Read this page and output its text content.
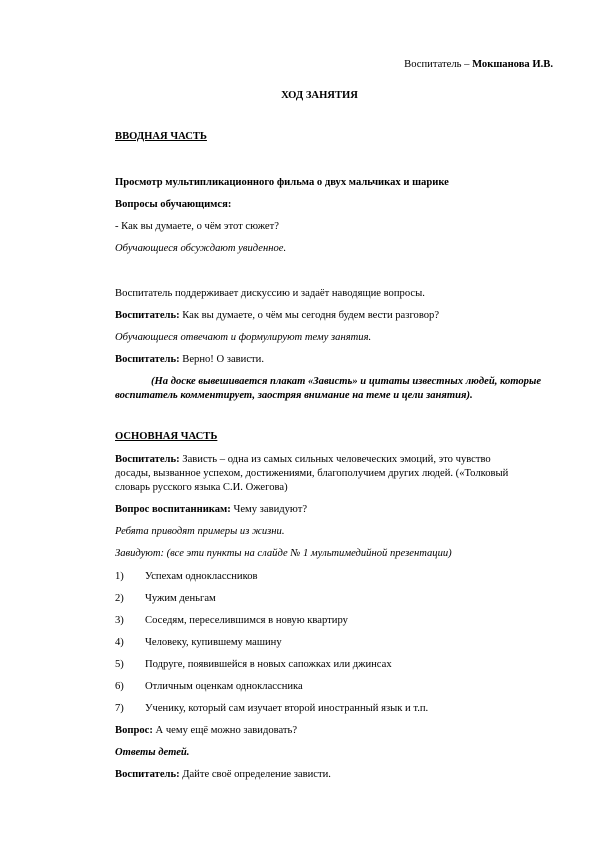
Воспитатель – Мокшанова И.В.

ХОД ЗАНЯТИЯ

ВВОДНАЯ ЧАСТЬ

Просмотр мультипликационного фильма о двух мальчиках и шарике

Вопросы обучающимся:

- Как вы думаете, о чём этот сюжет?

Обучающиеся обсуждают увиденное.

Воспитатель поддерживает дискуссию и задаёт наводящие вопросы.

Воспитатель: Как вы думаете, о чём мы сегодня будем вести разговор?

Обучающиеся отвечают и формулируют тему занятия.

Воспитатель: Верно! О зависти.

(На доске вывешивается плакат «Зависть» и цитаты известных людей, которые

воспитатель комментирует, заостряя внимание на теме и цели занятия).

ОСНОВНАЯ ЧАСТЬ

Воспитатель: Зависть – одна из самых сильных человеческих эмоций, это чувство

досады, вызванное успехом, достижениями, благополучием других людей. («Толковый

словарь русского языка С.И. Ожегова)

Вопрос воспитанникам: Чему завидуют?

Ребята приводят примеры из жизни.

Завидуют: (все эти пункты на слайде № 1 мультимедийной презентации)

1) Успехам одноклассников

2) Чужим деньгам

3) Соседям, переселившимся в новую квартиру

4) Человеку, купившему машину

5) Подруге, появившейся в новых сапожках или джинсах

6) Отличным оценкам одноклассника

7) Ученику, который сам изучает второй иностранный язык и т.п.

Вопрос: А чему ещё можно завидовать?

Ответы детей.

Воспитатель: Дайте своё определение зависти.
